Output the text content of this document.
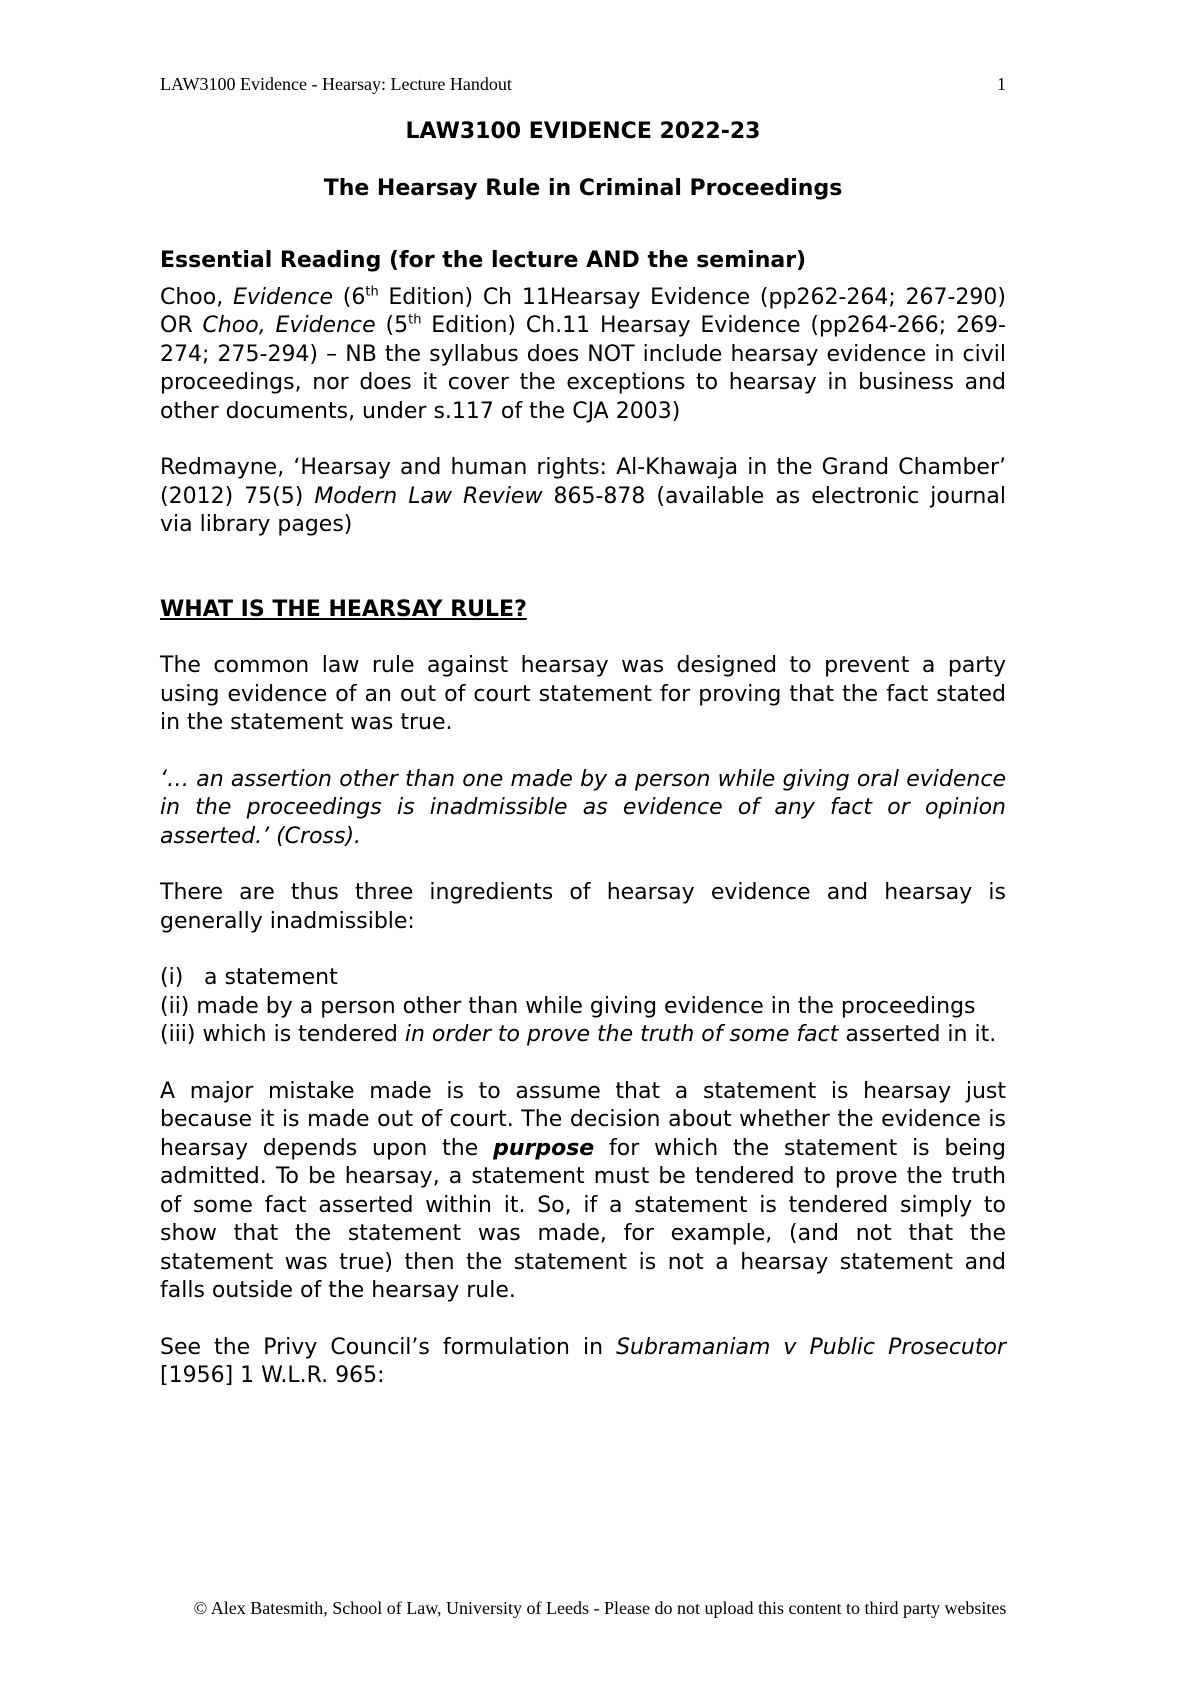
LAW3100 Evidence - Hearsay: Lecture Handout	1

LAW3100 EVIDENCE 2022-23

The Hearsay Rule in Criminal Proceedings

Essential Reading (for the lecture AND the seminar)

Choo, Evidence (6th Edition) Ch 11Hearsay Evidence (pp262-264; 267-290) OR Choo, Evidence (5th Edition) Ch.11 Hearsay Evidence (pp264-266; 269-274; 275-294) – NB the syllabus does NOT include hearsay evidence in civil proceedings, nor does it cover the exceptions to hearsay in business and other documents, under s.117 of the CJA 2003)

Redmayne, ‘Hearsay and human rights: Al-Khawaja in the Grand Chamber’ (2012) 75(5) Modern Law Review 865-878 (available as electronic journal via library pages)

WHAT IS THE HEARSAY RULE?

The common law rule against hearsay was designed to prevent a party using evidence of an out of court statement for proving that the fact stated in the statement was true.

‘… an assertion other than one made by a person while giving oral evidence in the proceedings is inadmissible as evidence of any fact or opinion asserted.’ (Cross).

There are thus three ingredients of hearsay evidence and hearsay is generally inadmissible:

(i) a statement

(ii) made by a person other than while giving evidence in the proceedings

(iii) which is tendered in order to prove the truth of some fact asserted in it.

A major mistake made is to assume that a statement is hearsay just because it is made out of court. The decision about whether the evidence is hearsay depends upon the purpose for which the statement is being admitted. To be hearsay, a statement must be tendered to prove the truth of some fact asserted within it. So, if a statement is tendered simply to show that the statement was made, for example, (and not that the statement was true) then the statement is not a hearsay statement and falls outside of the hearsay rule.

See the Privy Council’s formulation in Subramaniam v Public Prosecutor [1956] 1 W.L.R. 965:

© Alex Batesmith, School of Law, University of Leeds - Please do not upload this content to third party websites
